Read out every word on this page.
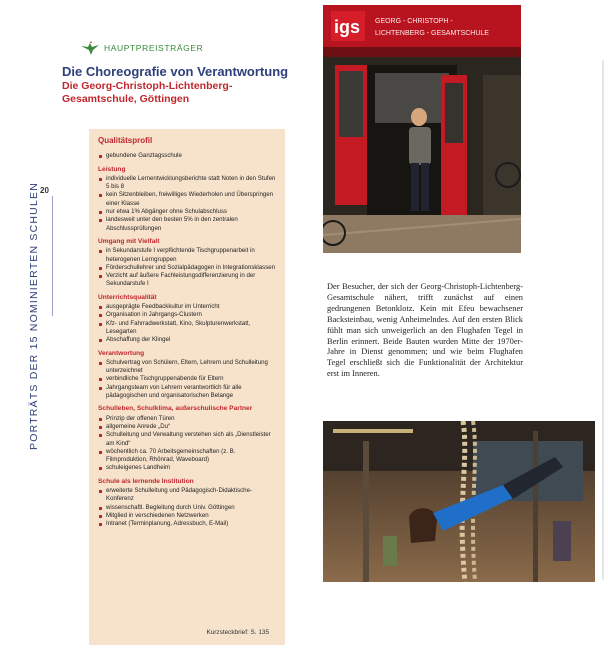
PORTRÄTS DER 15 NOMINIERTEN SCHULEN 20
HAUPTPREISTRÄGER
Die Choreografie von Verantwortung
Die Georg-Christoph-Lichtenberg-Gesamtschule, Göttingen
Qualitätsprofil
gebundene Ganztagsschule
Leistung
individuelle Lernentwicklungsberichte statt Noten in den Stufen 5 bis 8
kein Sitzenbleiben, freiwilliges Wiederholen und Überspringen einer Klasse
nur etwa 1% Abgänger ohne Schulabschluss
landesweit unter den besten 5% in den zentralen Abschlussprüfungen
Umgang mit Vielfalt
in Sekundarstufe I verpflichtende Tischgruppenarbeit in heterogenen Lerngruppen
Förderschullehrer und Sozialpädagogen in Integrationsklassen
Verzicht auf äußere Fachleistungsdifferenzierung in der Sekundarstufe I
Unterrichtsqualität
ausgeprägte Feedbackkultur im Unterricht
Organisation in Jahrgangs-Clustern
Kfz- und Fahrradwerkstatt, Kino, Skulpturenwerkstatt, Lesegarten
Abschaffung der Klingel
Verantwortung
Schulvertrag von Schülern, Eltern, Lehrern und Schulleitung unterzeichnet
verbindliche Tischgruppenabende für Eltern
Jahrgangsteam von Lehrern verantwortlich für alle pädagogischen und organisatorischen Belange
Schulleben, Schulklima, außerschulische Partner
Prinzip der offenen Türen
allgemeine Anrede „Du“
Schulleitung und Verwaltung verstehen sich als „Dienstleister am Kind“
wöchentlich ca. 70 Arbeitsgemeinschaften (z. B. Filmproduktion, Rhönrad, Waveboard)
schuleigenes Landheim
Schule als lernende Institution
erweiterte Schulleitung und Pädagogisch-Didaktische-Konferenz
wissenschaftl. Begleitung durch Univ. Göttingen
Mitglied in verschiedenen Netzwerken
Intranet (Terminplanung, Adressbuch, E-Mail)
Kurzsteckbrief: S. 135
igs GEORG - CHRISTOPH -
LICHTENBERG - GESAMTSCHULE
Der Besucher, der sich der Georg-Christoph-Lichtenberg-Gesamtschule nähert, trifft zunächst auf einen gedrungenen Betonklotz. Kein mit Efeu bewachsener Backsteinbau, wenig Anheimelndes. Auf den ersten Blick fühlt man sich unweigerlich an den Flughafen Tegel in Berlin erinnert. Beide Bauten wurden Mitte der 1970er-Jahre in Dienst genommen; und wie beim Flughafen Tegel erschließt sich die Funktionalität der Architektur erst im Inneren.
